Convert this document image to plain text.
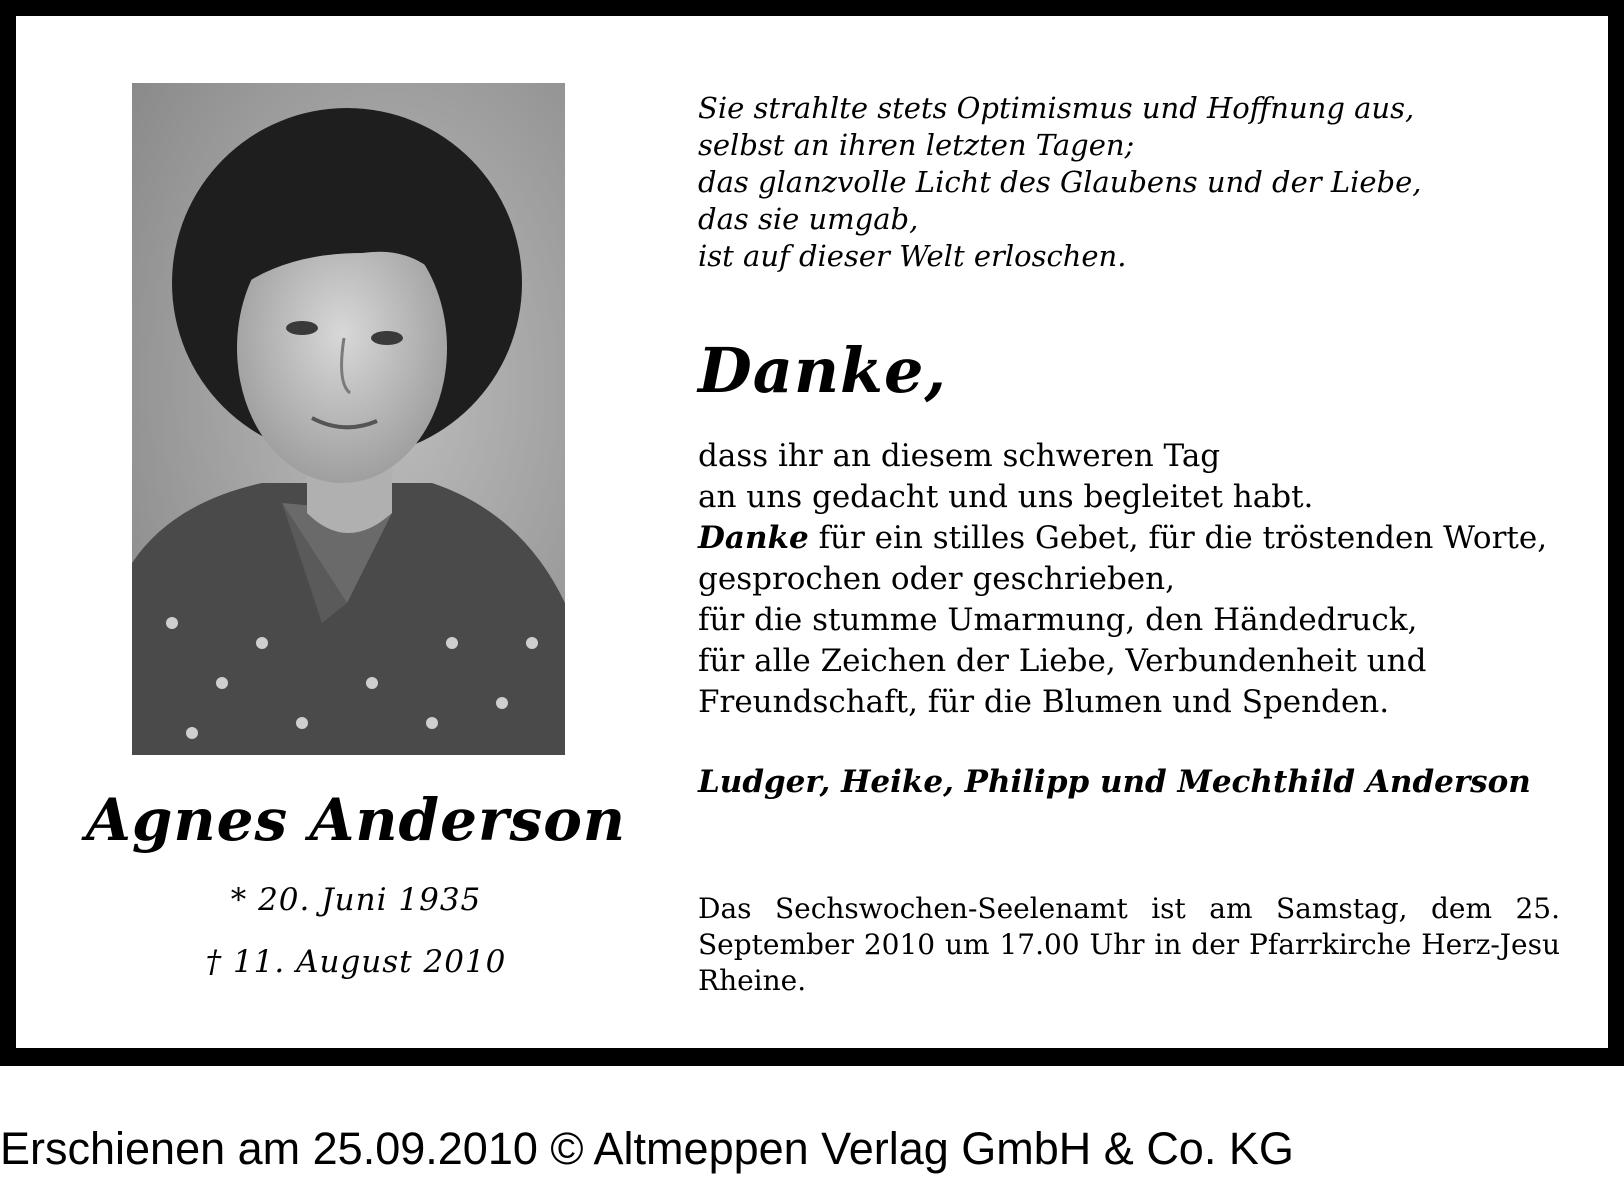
Agnes Anderson
* 20. Juni 1935
† 11. August 2010
Sie strahlte stets Optimismus und Hoffnung aus,
selbst an ihren letzten Tagen;
das glanzvolle Licht des Glaubens und der Liebe,
das sie umgab,
ist auf dieser Welt erloschen.
Danke,
dass ihr an diesem schweren Tag
an uns gedacht und uns begleitet habt.
Danke für ein stilles Gebet, für die tröstenden Worte,
gesprochen oder geschrieben,
für die stumme Umarmung, den Händedruck,
für alle Zeichen der Liebe, Verbundenheit und
Freundschaft, für die Blumen und Spenden.
Ludger, Heike, Philipp und Mechthild Anderson
Das Sechswochen-Seelenamt ist am Samstag, dem 25. September 2010 um 17.00 Uhr in der Pfarrkirche Herz-Jesu Rheine.
Erschienen am 25.09.2010 © Altmeppen Verlag GmbH & Co. KG
